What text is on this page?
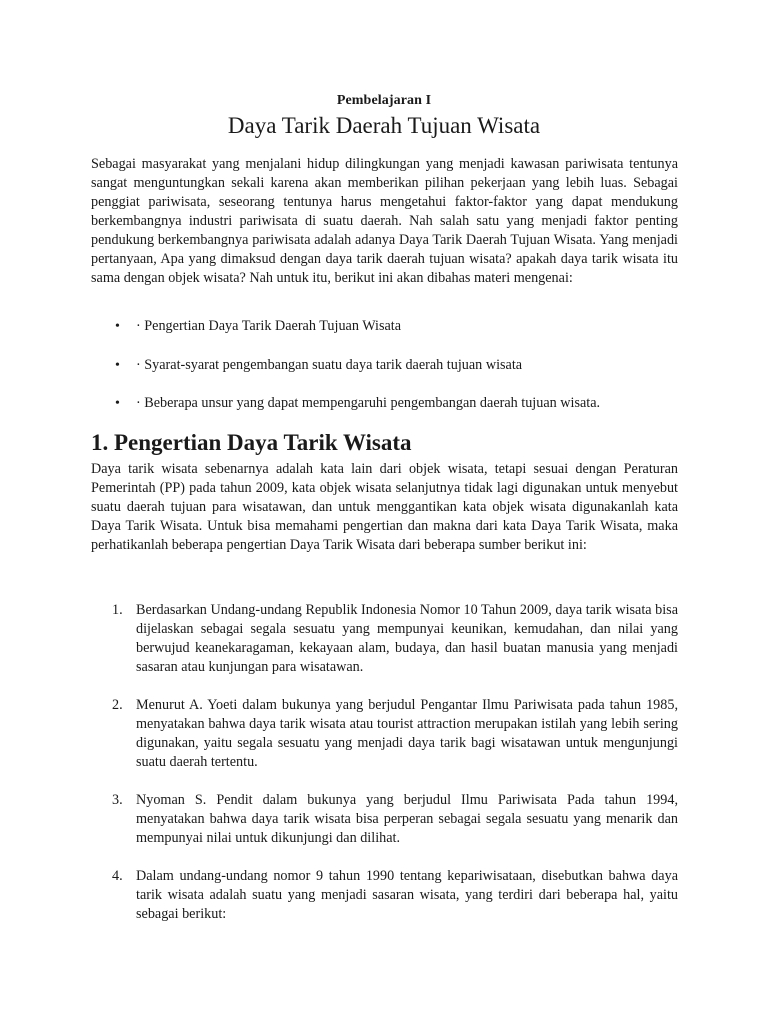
Pembelajaran I
Daya Tarik Daerah Tujuan Wisata

Sebagai masyarakat yang menjalani hidup dilingkungan yang menjadi kawasan pariwisata tentunya sangat menguntungkan sekali karena akan memberikan pilihan pekerjaan yang lebih luas. Sebagai penggiat pariwisata, seseorang tentunya harus mengetahui faktor-faktor yang dapat mendukung berkembangnya industri pariwisata di suatu daerah. Nah salah satu yang menjadi faktor penting pendukung berkembangnya pariwisata adalah adanya Daya Tarik Daerah Tujuan Wisata. Yang menjadi pertanyaan, Apa yang dimaksud dengan daya tarik daerah tujuan wisata? apakah daya tarik wisata itu sama dengan objek wisata? Nah untuk itu, berikut ini akan dibahas materi mengenai:

• · Pengertian Daya Tarik Daerah Tujuan Wisata
• · Syarat-syarat pengembangan suatu daya tarik daerah tujuan wisata
• · Beberapa unsur yang dapat mempengaruhi pengembangan daerah tujuan wisata.
1. Pengertian Daya Tarik Wisata

Daya tarik wisata sebenarnya adalah kata lain dari objek wisata, tetapi sesuai dengan Peraturan Pemerintah (PP) pada tahun 2009, kata objek wisata selanjutnya tidak lagi digunakan untuk menyebut suatu daerah tujuan para wisatawan, dan untuk menggantikan kata objek wisata digunakanlah kata Daya Tarik Wisata. Untuk bisa memahami pengertian dan makna dari kata Daya Tarik Wisata, maka perhatikanlah beberapa pengertian Daya Tarik Wisata dari beberapa sumber berikut ini:

1. Berdasarkan Undang-undang Republik Indonesia Nomor 10 Tahun 2009, daya tarik wisata bisa dijelaskan sebagai segala sesuatu yang mempunyai keunikan, kemudahan, dan nilai yang berwujud keanekaragaman, kekayaan alam, budaya, dan hasil buatan manusia yang menjadi sasaran atau kunjungan para wisatawan.
2. Menurut A. Yoeti dalam bukunya yang berjudul Pengantar Ilmu Pariwisata pada tahun 1985, menyatakan bahwa daya tarik wisata atau tourist attraction merupakan istilah yang lebih sering digunakan, yaitu segala sesuatu yang menjadi daya tarik bagi wisatawan untuk mengunjungi suatu daerah tertentu.
3. Nyoman S. Pendit dalam bukunya yang berjudul Ilmu Pariwisata Pada tahun 1994, menyatakan bahwa daya tarik wisata bisa perperan sebagai segala sesuatu yang menarik dan mempunyai nilai untuk dikunjungi dan dilihat.
4. Dalam undang-undang nomor 9 tahun 1990 tentang kepariwisataan, disebutkan bahwa daya tarik wisata adalah suatu yang menjadi sasaran wisata, yang terdiri dari beberapa hal, yaitu sebagai berikut:
